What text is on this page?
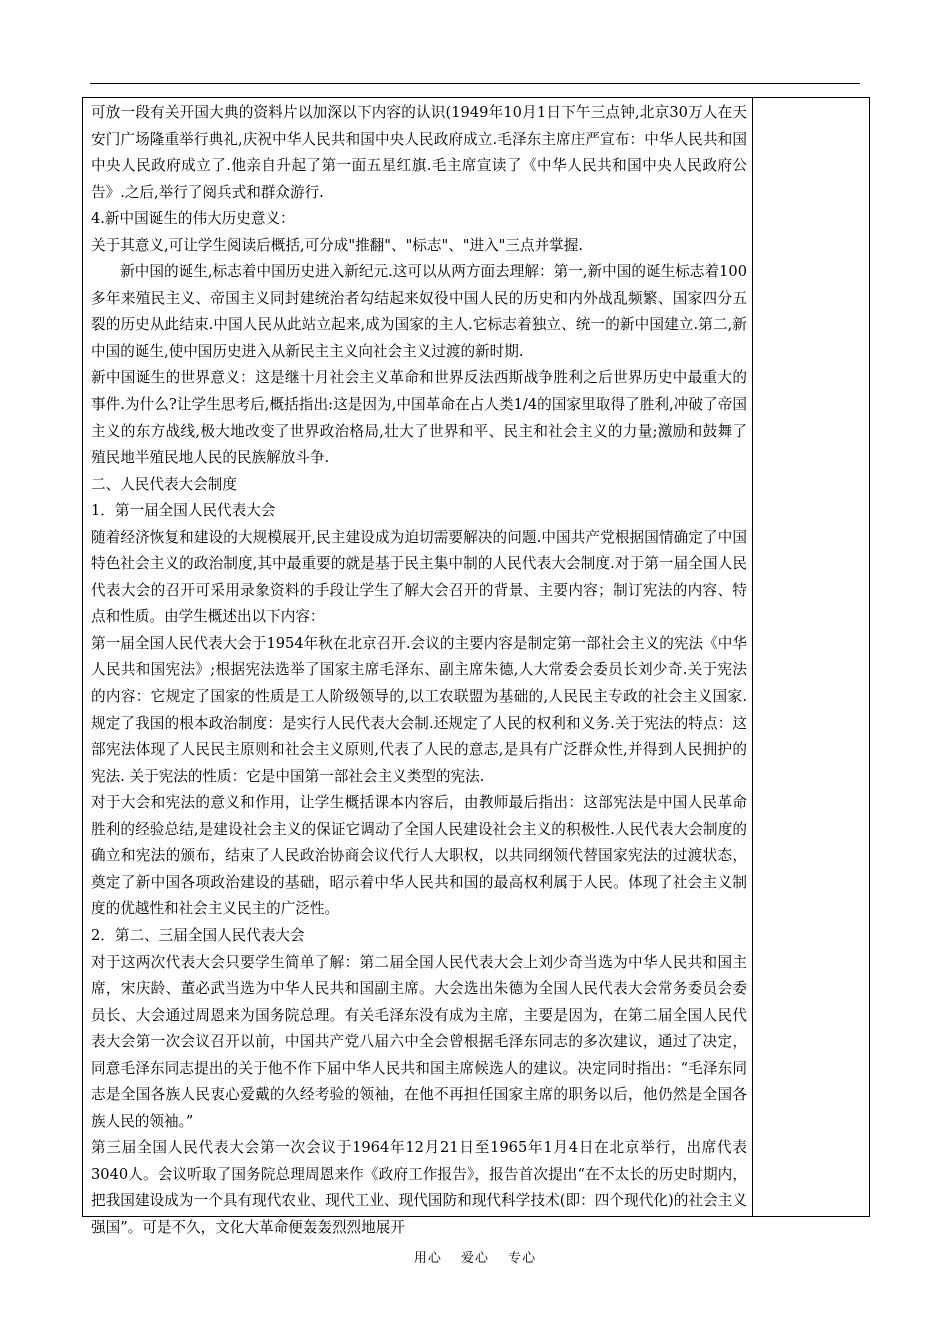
可放一段有关开国大典的资料片以加深以下内容的认识(1949年10月1日下午三点钟,北京30万人在天安门广场隆重举行典礼,庆祝中华人民共和国中央人民政府成立.毛泽东主席庄严宣布：中华人民共和国中央人民政府成立了.他亲自升起了第一面五星红旗.毛主席宣读了《中华人民共和国中央人民政府公告》.之后,举行了阅兵式和群众游行.

4.新中国诞生的伟大历史意义：

关于其意义,可让学生阅读后概括,可分成"推翻"、"标志"、"进入"三点并掌握.

新中国的诞生,标志着中国历史进入新纪元.这可以从两方面去理解：第一,新中国的诞生标志着100多年来殖民主义、帝国主义同封建统治者勾结起来奴役中国人民的历史和内外战乱频繁、国家四分五裂的历史从此结束.中国人民从此站立起来,成为国家的主人.它标志着独立、统一的新中国建立.第二,新中国的诞生,使中国历史进入从新民主主义向社会主义过渡的新时期.

新中国诞生的世界意义：这是继十月社会主义革命和世界反法西斯战争胜利之后世界历史中最重大的事件.为什么?让学生思考后,概括指出:这是因为,中国革命在占人类1/4的国家里取得了胜利,冲破了帝国主义的东方战线,极大地改变了世界政治格局,壮大了世界和平、民主和社会主义的力量;激励和鼓舞了殖民地半殖民地人民的民族解放斗争.

二、人民代表大会制度

1．第一届全国人民代表大会

随着经济恢复和建设的大规模展开,民主建设成为迫切需要解决的问题.中国共产党根据国情确定了中国特色社会主义的政治制度,其中最重要的就是基于民主集中制的人民代表大会制度.对于第一届全国人民代表大会的召开可采用录象资料的手段让学生了解大会召开的背景、主要内容；制订宪法的内容、特点和性质。由学生概述出以下内容：

第一届全国人民代表大会于1954年秋在北京召开.会议的主要内容是制定第一部社会主义的宪法《中华人民共和国宪法》;根据宪法选举了国家主席毛泽东、副主席朱德,人大常委会委员长刘少奇.关于宪法的内容：它规定了国家的性质是工人阶级领导的,以工农联盟为基础的,人民民主专政的社会主义国家.规定了我国的根本政治制度：是实行人民代表大会制.还规定了人民的权利和义务.关于宪法的特点：这部宪法体现了人民民主原则和社会主义原则,代表了人民的意志,是具有广泛群众性,并得到人民拥护的宪法. 关于宪法的性质：它是中国第一部社会主义类型的宪法.

对于大会和宪法的意义和作用，让学生概括课本内容后，由教师最后指出：这部宪法是中国人民革命胜利的经验总结,是建设社会主义的保证它调动了全国人民建设社会主义的积极性.人民代表大会制度的确立和宪法的颁布，结束了人民政治协商会议代行人大职权，以共同纲领代替国家宪法的过渡状态，奠定了新中国各项政治建设的基础，昭示着中华人民共和国的最高权利属于人民。体现了社会主义制度的优越性和社会主义民主的广泛性。

2．第二、三届全国人民代表大会

对于这两次代表大会只要学生简单了解：第二届全国人民代表大会上刘少奇当选为中华人民共和国主席，宋庆龄、董必武当选为中华人民共和国副主席。大会选出朱德为全国人民代表大会常务委员会委员长、大会通过周恩来为国务院总理。有关毛泽东没有成为主席，主要是因为，在第二届全国人民代表大会第一次会议召开以前，中国共产党八届六中全会曾根据毛泽东同志的多次建议，通过了决定，同意毛泽东同志提出的关于他不作下届中华人民共和国主席候选人的建议。决定同时指出：“毛泽东同志是全国各族人民衷心爱戴的久经考验的领袖，在他不再担任国家主席的职务以后，他仍然是全国各族人民的领袖。”

第三届全国人民代表大会第一次会议于1964年12月21日至1965年1月4日在北京举行，出席代表3040人。会议听取了国务院总理周恩来作《政府工作报告》，报告首次提出“在不太长的历史时期内，把我国建设成为一个具有现代农业、现代工业、现代国防和现代科学技术(即：四个现代化)的社会主义强国”。可是不久，文化大革命便轰轰烈烈地展开

用心 爱心 专心
